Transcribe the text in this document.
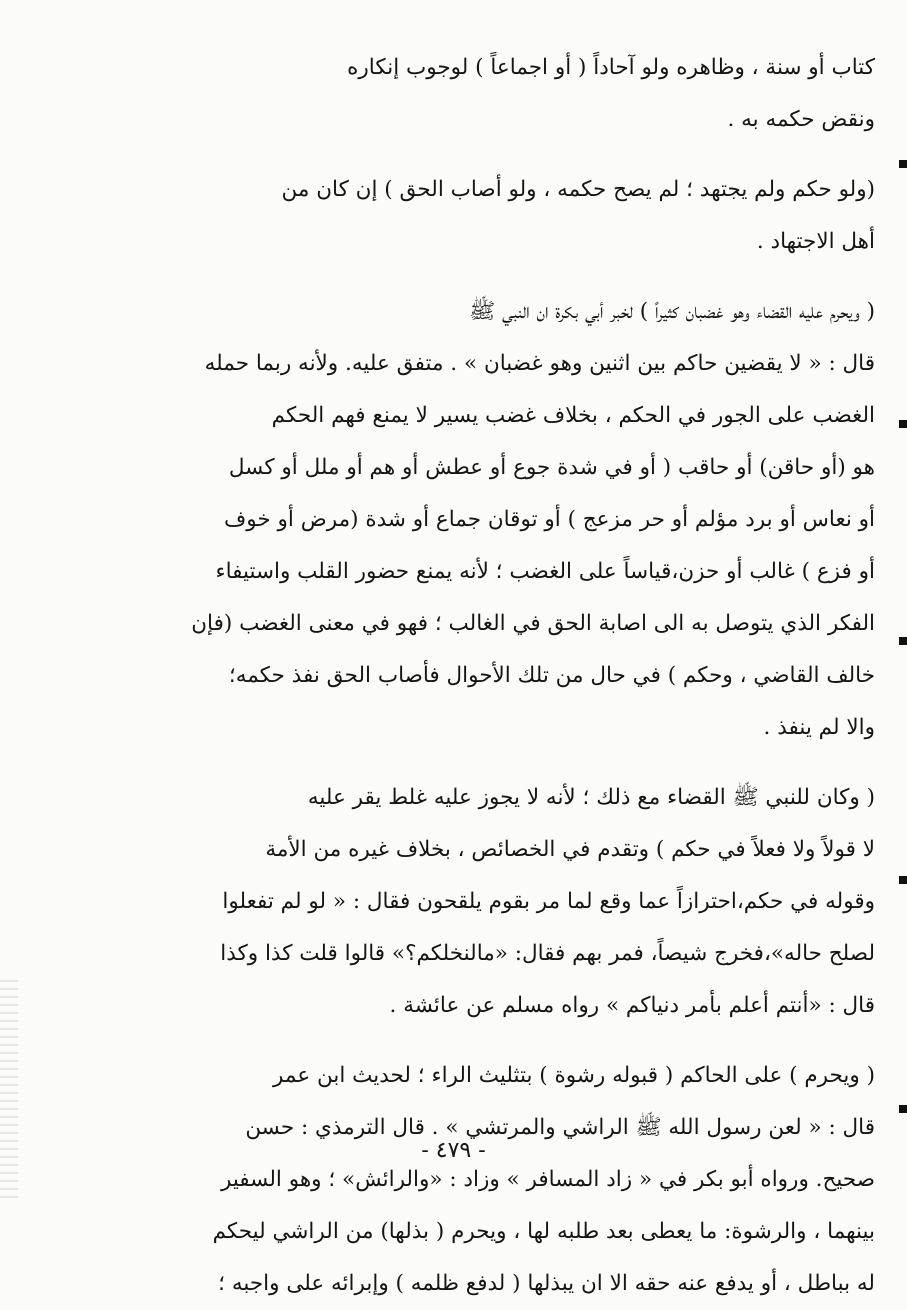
كتاب أو سنة ، وظاهره ولو آحاداً ( أو اجماعاً ) لوجوب إنكاره
ونقض حكمه به .
(ولو حكم ولم يجتهد ؛ لم يصح حكمه ، ولو أصاب الحق ) إن كان من
أهل الاجتهاد .
( ويحرم عليه القضاء وهو غضبان كثيراً ) لخبر أبي بكرة ان النبي ﷺ
قال : « لا يقضين حاكم بين اثنين وهو غضبان » . متفق عليه. ولأنه ربما حمله
الغضب على الجور في الحكم ، بخلاف غضب يسير لا يمنع فهم الحكم
هو (أو حاقن) أو حاقب ( أو في شدة جوع أو عطش أو هم أو ملل أو كسل
أو نعاس أو برد مؤلم أو حر مزعج ) أو توقان جماع أو شدة (مرض أو خوف
أو فزع ) غالب أو حزن،قياساً على الغضب ؛ لأنه يمنع حضور القلب واستيفاء
الفكر الذي يتوصل به الى اصابة الحق في الغالب ؛ فهو في معنى الغضب (فإن
خالف القاضي ، وحكم ) في حال من تلك الأحوال فأصاب الحق نفذ حكمه؛
والا لم ينفذ .
( وكان للنبي ﷺ القضاء مع ذلك ؛ لأنه لا يجوز عليه غلط يقر عليه
لا قولاً ولا فعلاً في حكم ) وتقدم في الخصائص ، بخلاف غيره من الأمة
وقوله في حكم،احترازاً عما وقع لما مر بقوم يلقحون فقال : « لو لم تفعلوا
لصلح حاله»،فخرج شيصاً، فمر بهم فقال: «مالنخلكم؟» قالوا قلت كذا وكذا
قال : «أنتم أعلم بأمر دنياكم » رواه مسلم عن عائشة .
( ويحرم ) على الحاكم ( قبوله رشوة ) بتثليث الراء ؛ لحديث ابن عمر
قال : « لعن رسول الله ﷺ الراشي والمرتشي » . قال الترمذي : حسن
صحيح. ورواه أبو بكر في « زاد المسافر » وزاد : «والرائش» ؛ وهو السفير
بينهما ، والرشوة: ما يعطى بعد طلبه لها ، ويحرم ( بذلها) من الراشي ليحكم
له بباطل ، أو يدفع عنه حقه الا ان يبذلها ( لدفع ظلمه ) وإبرائه على واجبه ؛
- ٤٧٩ -
